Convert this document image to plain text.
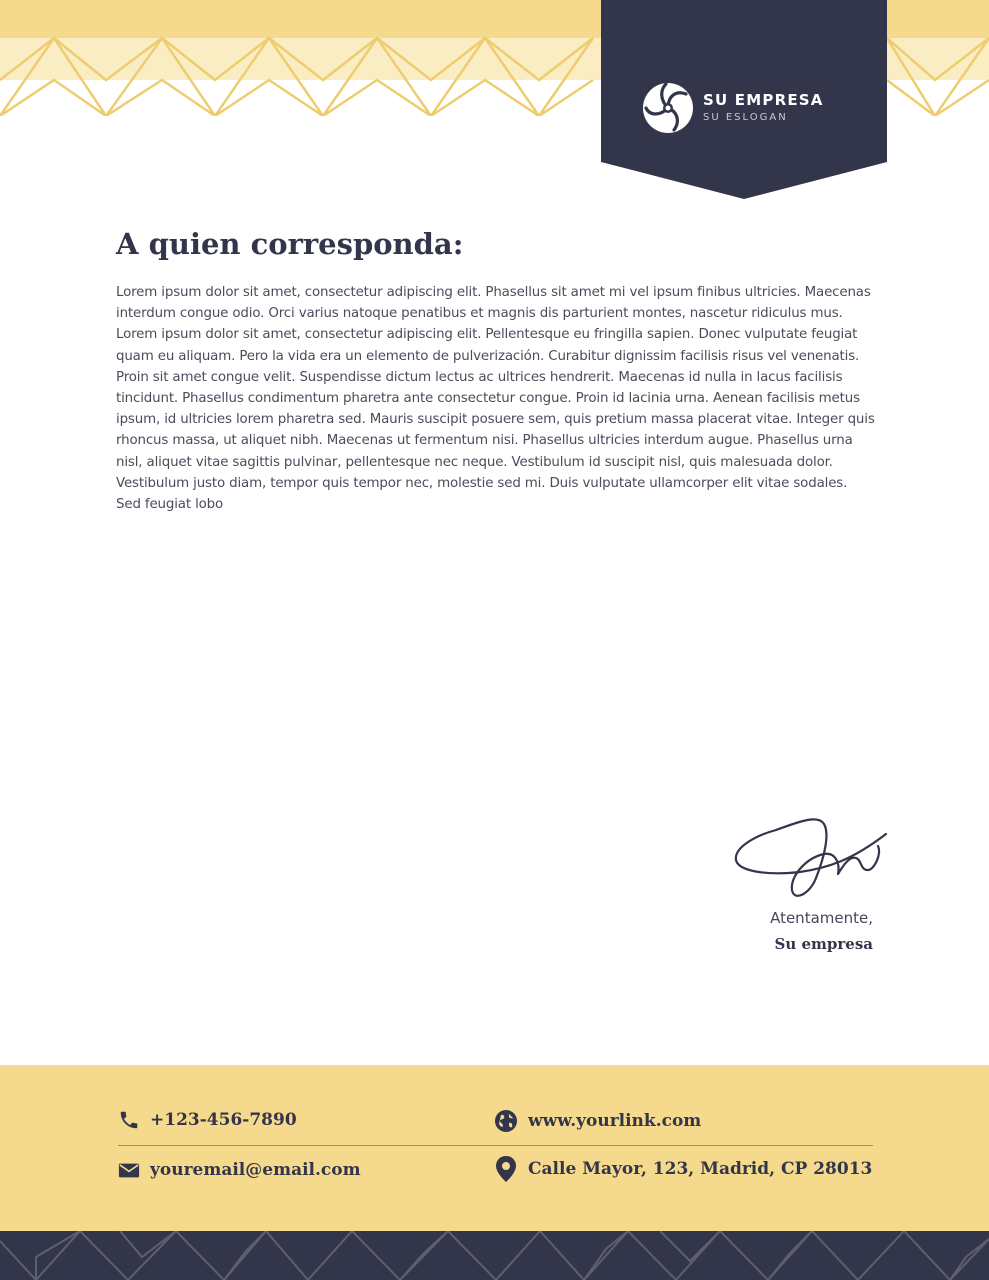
SU EMPRESA
SU ESLOGAN
A quien corresponda:

Lorem ipsum dolor sit amet, consectetur adipiscing elit. Phasellus sit amet mi vel ipsum finibus ultricies. Maecenas interdum congue odio. Orci varius natoque penatibus et magnis dis parturient montes, nascetur ridiculus mus. Lorem ipsum dolor sit amet, consectetur adipiscing elit. Pellentesque eu fringilla sapien. Donec vulputate feugiat quam eu aliquam. Pero la vida era un elemento de pulverización. Curabitur dignissim facilisis risus vel venenatis. Proin sit amet congue velit. Suspendisse dictum lectus ac ultrices hendrerit. Maecenas id nulla in lacus facilisis tincidunt. Phasellus condimentum pharetra ante consectetur congue. Proin id lacinia urna. Aenean facilisis metus ipsum, id ultricies lorem pharetra sed. Mauris suscipit posuere sem, quis pretium massa placerat vitae. Integer quis rhoncus massa, ut aliquet nibh. Maecenas ut fermentum nisi. Phasellus ultricies interdum augue. Phasellus urna nisl, aliquet vitae sagittis pulvinar, pellentesque nec neque. Vestibulum id suscipit nisl, quis malesuada dolor. Vestibulum justo diam, tempor quis tempor nec, molestie sed mi. Duis vulputate ullamcorper elit vitae sodales. Sed feugiat lobo

Atentamente,
Su empresa
+123-456-7890	www.yourlink.com
youremail@email.com	Calle Mayor, 123, Madrid, CP 28013
